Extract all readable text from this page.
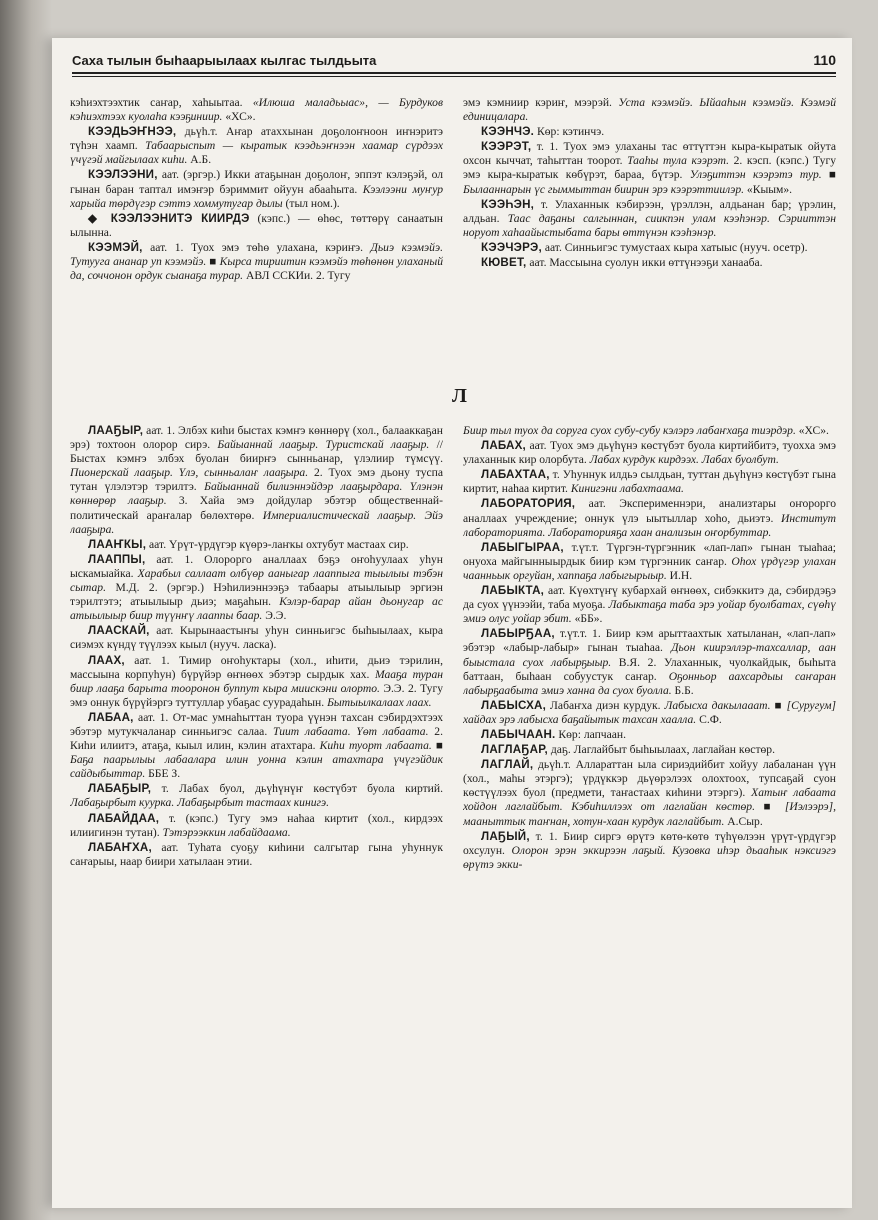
Саха тылын быһаарыылаах кылгас тылдьыта	110

кэһиэхтээхтик саҥар, хаһыытаа. «Илюша маладьыас», — Бурдуков кэһиэхтээх куолаһа кээҕиниир. «ХС».

КЭЭДЬЭҤНЭЭ, дьүһ.т. Аҥар атаххынан доҕолоҥноон иҥнэритэ түһэн хаамп. Табаарыспыт — кыратык кээдьэҥнээн хаамар сүрдээх үчүгэй майгылаах киһи. А.Б.

КЭЭЛЭЭНИ, аат. (эргэр.) Икки атаҕынан доҕолоҥ, эппэт кэлэҕэй, ол гынан баран таптал имэҥэр бэриммит ойуун абааһыта. Кээлээни муҥур харыйа төрдүгэр сэттэ хоммутугар дылы (тыл ном.).

◆ КЭЭЛЭЭНИТЭ КИИРДЭ (кэпс.) — өһөс, төттөрү санаатын ылынна.

КЭЭМЭЙ, аат. 1. Туох эмэ төһө улахана, кэриҥэ. Дьиэ кээмэйэ. Тутууга ананар уп кээмэйэ. ■ Кырса тириитин кээмэйэ төһөнөн улаханый да, соччонон ордук сыанаҕа турар. АВЛ ССКИи. 2. Тугу

эмэ кэмниир кэриҥ, мээрэй. Уста кээмэйэ. Ыйааһын кээмэйэ. Кээмэй единицалара.

КЭЭНЧЭ. Көр: кэтинчэ.

КЭЭРЭТ, т. 1. Туох эмэ улаханы тас өттүттэн кыра-кыратык ойута охсон кыччат, таһыттан тоорот. Тааһы тула кээрэт. 2. кэсп. (кэпс.) Тугу эмэ кыра-кыратык көбүрэт, бараа, бүтэр. Улэҕиттэн кээрэтэ тур. ■ Былааннарын үс гыммыттан биирин эрэ кээрэттиилэр. «Кыым».

КЭЭҺЭН, т. Улаханнык кэбирээн, үрэллэн, алдьанан бар; үрэлин, алдьан. Таас даҕаны салгыннан, сиикпэн улам кээһэнэр. Сэрииттэн норуот хаһаайыстыбата бары өттүнэн кээһэнэр.

КЭЭЧЭРЭ, аат. Синньигэс тумустаах кыра хатыыс (нууч. осетр).

КЮВЕТ, аат. Массыына суолун икки өттүнээҕи ханааба.

Л

ЛААҔЫР, аат. 1. Элбэх киһи быстах кэмҥэ көннөрү (хол., балааккаҕан эрэ) тохтоон олорор сирэ. Байыаннай лааҕыр. Туристскай лааҕыр. // Быстах кэмҥэ элбэх буолан биирҥэ сынньанар, үлэлиир түмсүү. Пионерскай лааҕыр. Үлэ, сынньалаҥ лааҕыра. 2. Туох эмэ дьону туспа тутан үлэлэтэр тэрилтэ. Байыаннай билиэннэйдэр лааҕырдара. Үлэнэн көннөрөр лааҕыр. 3. Хайа эмэ дойдулар эбэтэр общественнай-политическай араҥалар бөлөхтөрө. Империалистическай лааҕыр. Эйэ лааҕыра.

ЛААҤКЫ, аат. Үрүт-үрдүгэр күөрэ-лаҥкы охтубут мастаах сир.

ЛААППЫ, аат. 1. Олорорго аналлаах бэҕэ оҥоһуулаах уһун ыскамыайка. Харабыл саллаат олбүөр ааныгар лааппыга тыылыы тэбэн сытар. М.Д. 2. (эргэр.) Нэһилиэннээҕэ табаары атыылыыр эргиэн тэрилтэтэ; атыылыыр дьиэ; маҕаһын. Кэлэр-барар айан дьонугар ас атыылыыр биир түүнҥү лааппы баар. Э.Э.

ЛААСКАЙ, аат. Кырынаастыҥы уһун синньигэс быһыылаах, кыра сиэмэх күндү түүлээх кыыл (нууч. ласка).

ЛААХ, аат. 1. Тимир оҥоһуктары (хол., иһити, дьиэ тэрилин, массыына корпуһун) бүрүйэр өҥнөөх эбэтэр сырдык хах. Мааҕа туран биир лааҕа барыта тооронон буппут кыра миискэни олорто. Э.Э. 2. Тугу эмэ оннук бүрүйэргэ туттуллар убаҕас суурадаһын. Бытыылкалаах лаах.

ЛАБАА, аат. 1. От-мас умнаһыттан туора үүнэн тахсан сэбирдэхтээх эбэтэр мутукчаланар синньигэс салаа. Тиит лабаата. Үөт лабаата. 2. Киһи илиитэ, атаҕа, кыыл илин, кэлин атахтара. Киһи туорт лабаата. ■ Баҕа паарылыы лабаалара илин уонна кэлин атахтара үчүгэйдик сайдыбыттар. ББЕ З.

ЛАБАҔЫР, т. Лабах буол, дьүһүнүҥ көстүбэт буола киртий. Лабаҕырбыт куурка. Лабаҕырбыт тастаах кинигэ.

ЛАБАЙДАА, т. (кэпс.) Тугу эмэ наһаа киртит (хол., кирдээх илиигинэн тутан). Тэтэрээккин лабайдаама.

ЛАБАҤХА, аат. Туһата суоҕу киһини салгытар гына уһуннук саҥарыы, наар биири хатылаан этии.

Биир тыл туох да соруга суох субу-субу кэлэрэ лабаҥхаҕа тиэрдэр. «ХС».

ЛАБАХ, аат. Туох эмэ дьүһүнэ көстүбэт буола киртийбитэ, туохха эмэ улаханнык кир олорбута. Лабах курдук кирдээх. Лабах буолбут.

ЛАБАХТАА, т. Уһуннук илдьэ сылдьан, туттан дьүһүнэ көстүбэт гына киртит, наһаа киртит. Кинигэни лабахтаама.

ЛАБОРАТОРИЯ, аат. Эксперименнэри, анализтары оҥорорго аналлаах учреждение; оннук үлэ ыытыллар хоһо, дьиэтэ. Институт лабораторията. Лабораторияҕа хаан анализын оҥорбуттар.

ЛАБЫГЫРАА, т.үт.т. Түргэн-түргэнник «лап-лап» гынан тыаһаа; онуоха майгынныырдык биир кэм түргэнник саҥар. Оһох үрдүгэр улахан чаанньык оргуйан, хаппаҕа лабыгырыыр. И.Н.

ЛАБЫКТА, аат. Күөхтүҥү кубархай өҥнөөх, сибэккитэ да, сэбирдэҕэ да суох үүнээйи, таба муоҕа. Лабыктаҕа таба эрэ уойар буолбатах, сүөһү эмиэ олус уойар эбит. «ББ».

ЛАБЫРҔАА, т.үт.т. 1. Биир кэм арыттаахтык хатыланан, «лап-лап» эбэтэр «лабыр-лабыр» гынан тыаһаа. Дьон киирэллэр-тахсаллар, аан быыстала суох лабырҕыыр. В.Я. 2. Улаханнык, чуолкайдык, быһыта баттаан, быһаан собуустук саҥар. Оҕонньор аахсардыы саҥаран лабырҕаабыта эмиэ ханна да суох буолла. Б.Б.

ЛАБЫСХА, Лабаҥха диэн курдук. Лабысха дакылааат. ■ [Суругум] хайдах эрэ лабысха баҕайытык тахсан хаалла. С.Ф.

ЛАБЫЧААН. Көр: лапчаан.

ЛАГЛАҔАР, даҕ. Лаглайбыт быһыылаах, лаглайан көстөр.

ЛАГЛАЙ, дьүһ.т. Аллараттан ыла сириэдийбит хойуу лабаланан үүн (хол., маһы этэргэ); үрдүккэр дьүөрэлээх олохтоох, тупсаҕай суон көстүүлээх буол (предмети, таҥастаах киһини этэргэ). Хатыҥ лабаата хойдон лаглайбыт. Кэбиһиллээх от лаглайан көстөр. ■ [Иэлээрэ], мааныттык таҥнан, хотун-хаан курдук лаглайбыт. А.Сыр.

ЛАҔЫЙ, т. 1. Биир сиргэ өрүтэ көтө-көтө түһүөлээн үрүт-үрдүгэр охсулун. Олорон эрэн эккирээн лаҕый. Кузовка иһэр дьааһык нэксиэгэ өрүтэ экки-
